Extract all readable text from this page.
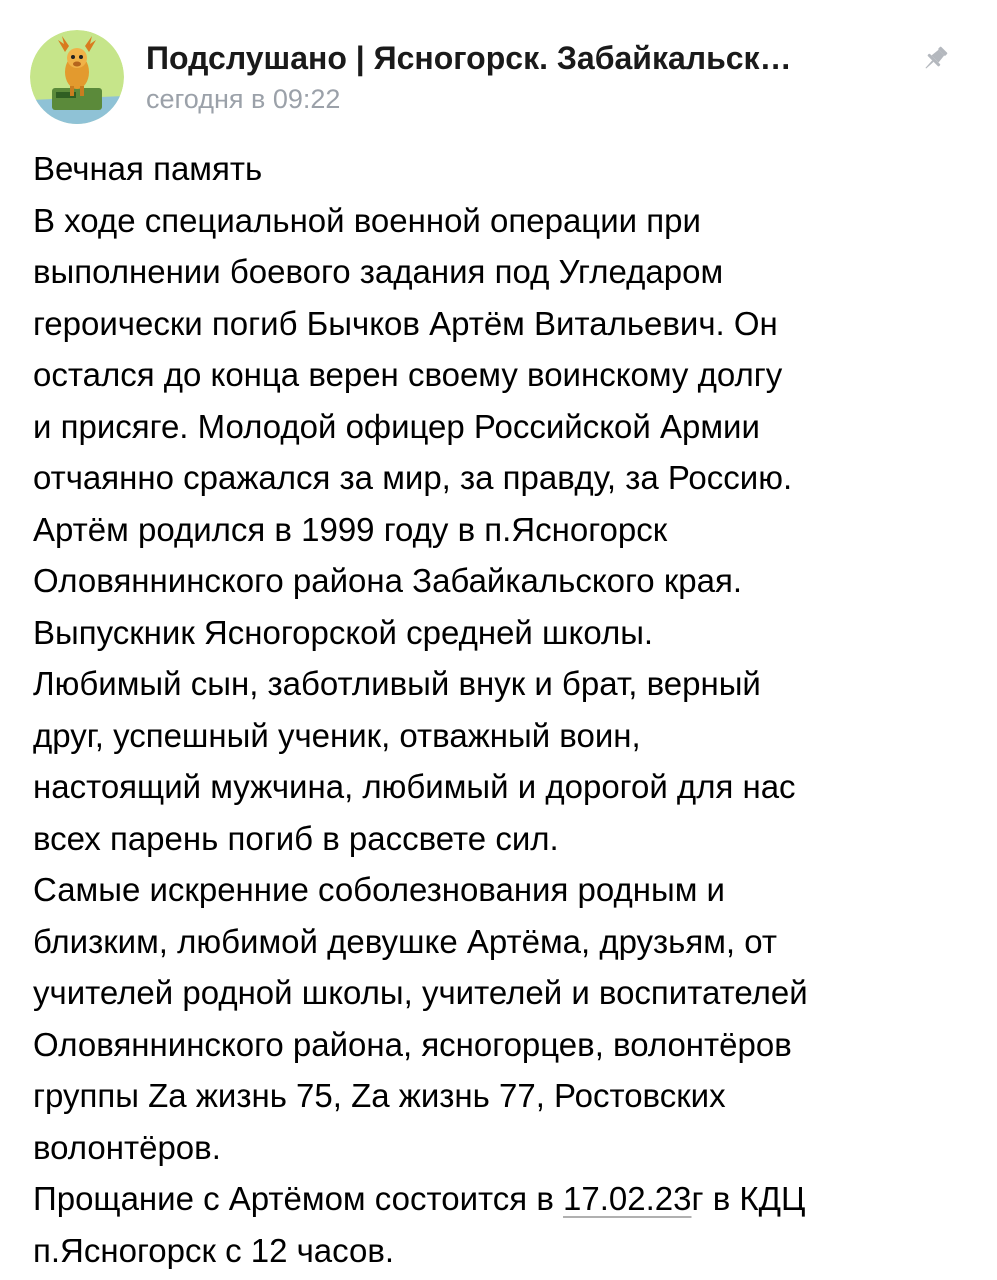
Подслушано | Ясногорск. Забайкальск…
сегодня в 09:22
Вечная память
В ходе специальной военной операции при
выполнении боевого задания под Угледаром
героически погиб Бычков Артём Витальевич. Он
остался до конца верен своему воинскому долгу
и присяге. Молодой офицер Российской Армии
отчаянно сражался за мир, за правду, за Россию.
Артём родился в 1999 году в п.Ясногорск
Оловяннинского района Забайкальского края.
Выпускник Ясногорской средней школы.
Любимый сын, заботливый внук и брат, верный
друг, успешный ученик, отважный воин,
настоящий мужчина, любимый и дорогой для нас
всех парень погиб в рассвете сил.
Самые искренние соболезнования родным и
близким, любимой девушке Артёма, друзьям, от
учителей родной школы, учителей и воспитателей
Оловяннинского района, ясногорцев, волонтёров
группы Zа жизнь 75, Zа жизнь 77, Ростовских
волонтёров.
Прощание с Артёмом состоится в 17.02.23г в КДЦ
п.Ясногорск с 12 часов.
